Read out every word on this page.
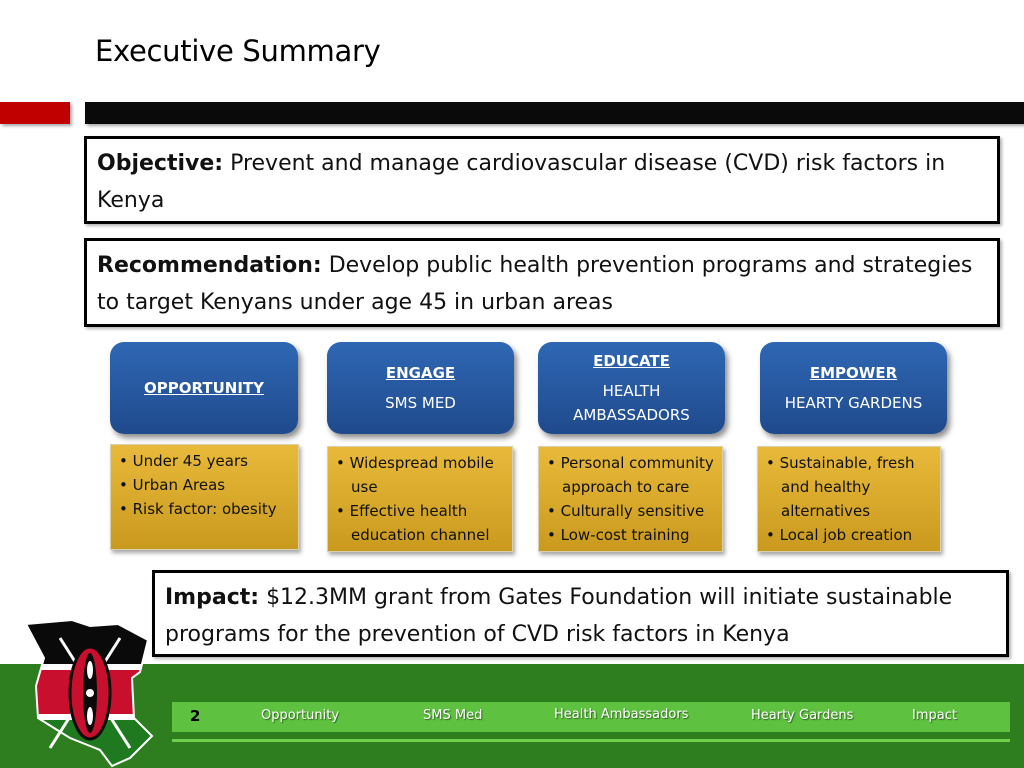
Executive Summary
Objective: Prevent and manage cardiovascular disease (CVD) risk factors in Kenya
Recommendation: Develop public health prevention programs and strategies to target Kenyans under age 45 in urban areas
OPPORTUNITY
ENGAGE
SMS MED
EDUCATE
HEALTH AMBASSADORS
EMPOWER
HEARTY GARDENS
• Under 45 years
• Urban Areas
• Risk factor: obesity
• Widespread mobile use
• Effective health education channel
• Personal community approach to care
• Culturally sensitive
• Low-cost training
• Sustainable, fresh and healthy alternatives
• Local job creation
2	Opportunity	SMS Med	Health Ambassadors	Hearty Gardens	Impact
Impact: $12.3MM grant from Gates Foundation will initiate sustainable programs for the prevention of CVD risk factors in Kenya
